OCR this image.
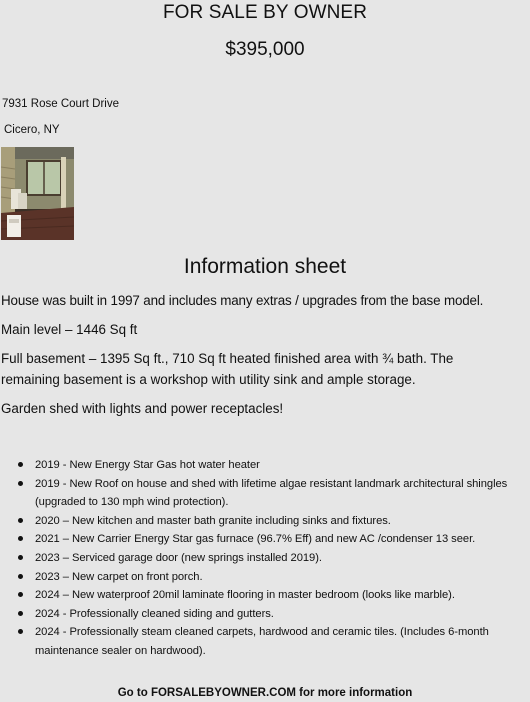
FOR SALE BY OWNER
$395,000
7931 Rose Court Drive
Cicero, NY
Information sheet
House was built in 1997 and includes many extras / upgrades from the base model.
Main level – 1446 Sq ft
Full basement – 1395 Sq ft., 710 Sq ft heated finished area with ¾ bath. The remaining basement is a workshop with utility sink and ample storage.
Garden shed with lights and power receptacles!
2019 - New Energy Star Gas hot water heater
2019 - New Roof on house and shed with lifetime algae resistant landmark architectural shingles (upgraded to 130 mph wind protection).
2020 – New kitchen and master bath granite including sinks and fixtures.
2021 – New Carrier Energy Star gas furnace (96.7% Eff) and new AC /condenser 13 seer.
2023 – Serviced garage door (new springs installed 2019).
2023 – New carpet on front porch.
2024 – New waterproof 20mil laminate flooring in master bedroom (looks like marble).
2024 - Professionally cleaned siding and gutters.
2024 - Professionally steam cleaned carpets, hardwood and ceramic tiles. (Includes 6-month maintenance sealer on hardwood).
Go to FORSALEBYOWNER.COM for more information
